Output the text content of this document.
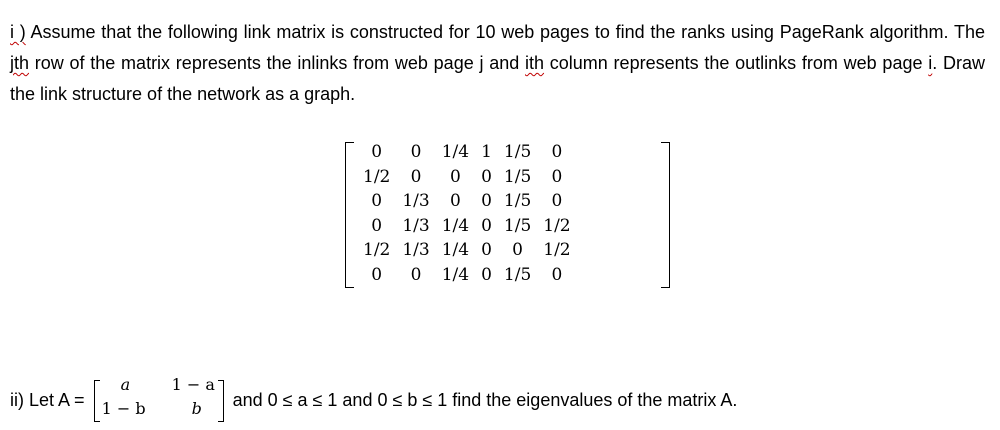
i ) Assume that the following link matrix is constructed for 10 web pages to find the ranks using PageRank algorithm. The jth row of the matrix represents the inlinks from web page j and ith column represents the outlinks from web page i. Draw the link structure of the network as a graph.
0	0	1/4	1	1/5	0
1/2	0	0	0	1/5	0
0	1/3	0	0	1/5	0
0	1/3	1/4	0	1/5	1/2
1/2	1/3	1/4	0	0	1/2
0	0	1/4	0	1/5	0
ii) Let A =
a	1 − a
1 − b	b and 0 ≤ a ≤ 1 and 0 ≤ b ≤ 1 find the eigenvalues of the matrix A.
